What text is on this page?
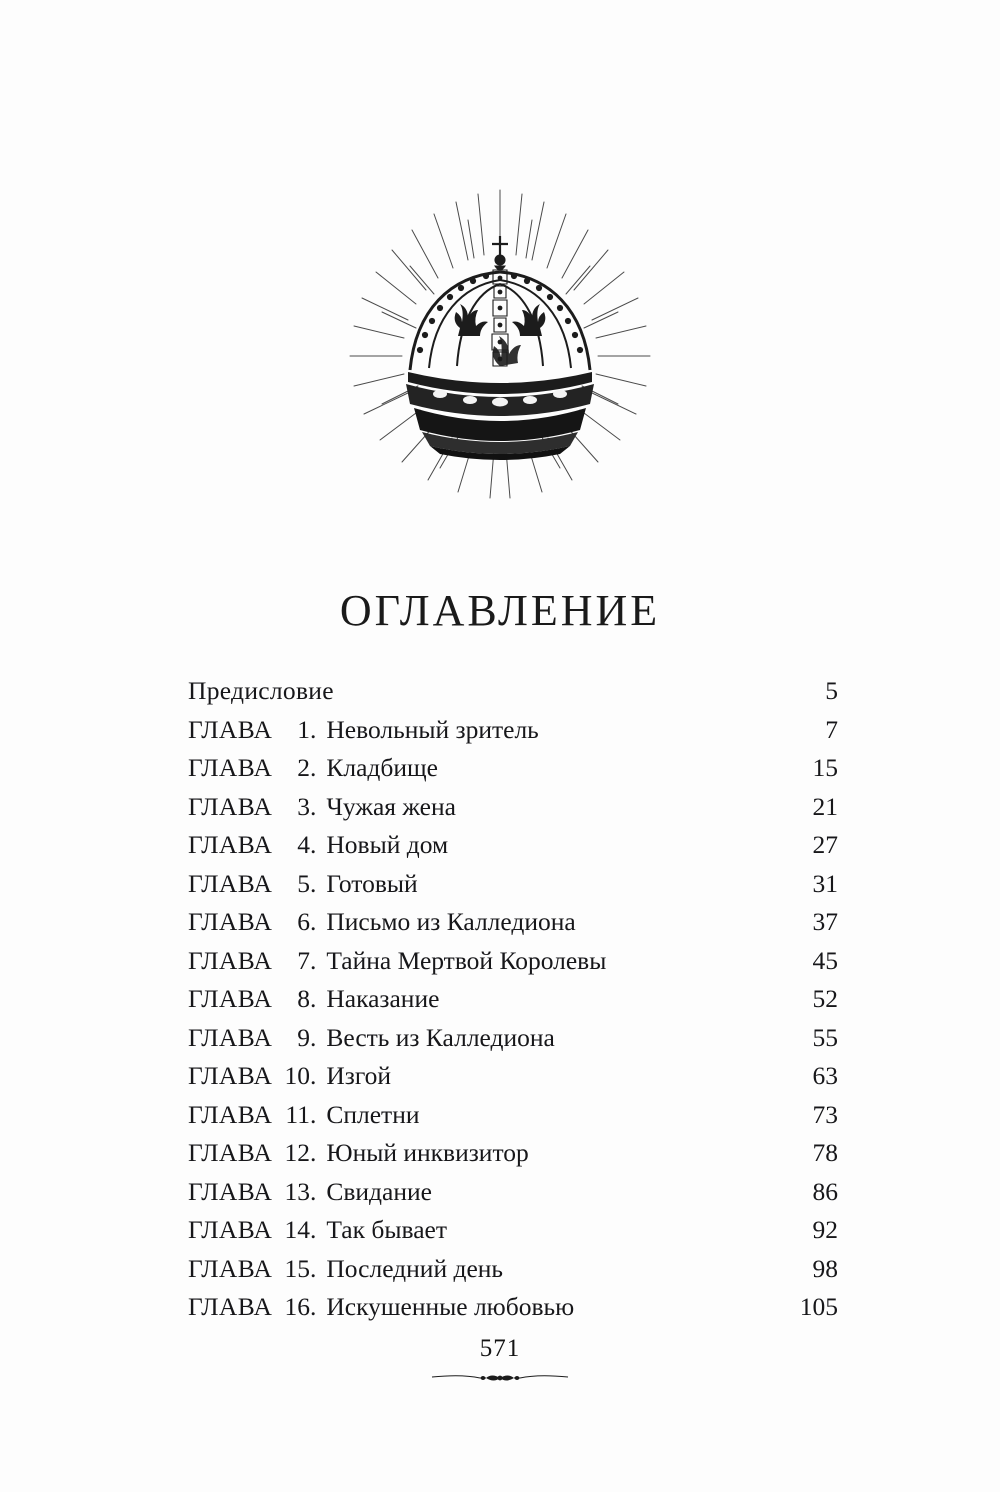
ОГЛАВЛЕНИЕ
Предисловие .....	5
ГЛАВА 1. Невольный зритель .....	7
ГЛАВА 2. Кладбище .....	15
ГЛАВА 3. Чужая жена .....	21
ГЛАВА 4. Новый дом .....	27
ГЛАВА 5. Готовый .....	31
ГЛАВА 6. Письмо из Калледиона .....	37
ГЛАВА 7. Тайна Мертвой Королевы .....	45
ГЛАВА 8. Наказание .....	52
ГЛАВА 9. Весть из Калледиона .....	55
ГЛАВА 10. Изгой .....	63
ГЛАВА 11. Сплетни .....	73
ГЛАВА 12. Юный инквизитор .....	78
ГЛАВА 13. Свидание .....	86
ГЛАВА 14. Так бывает .....	92
ГЛАВА 15. Последний день .....	98
ГЛАВА 16. Искушенные любовью .....	105
571
